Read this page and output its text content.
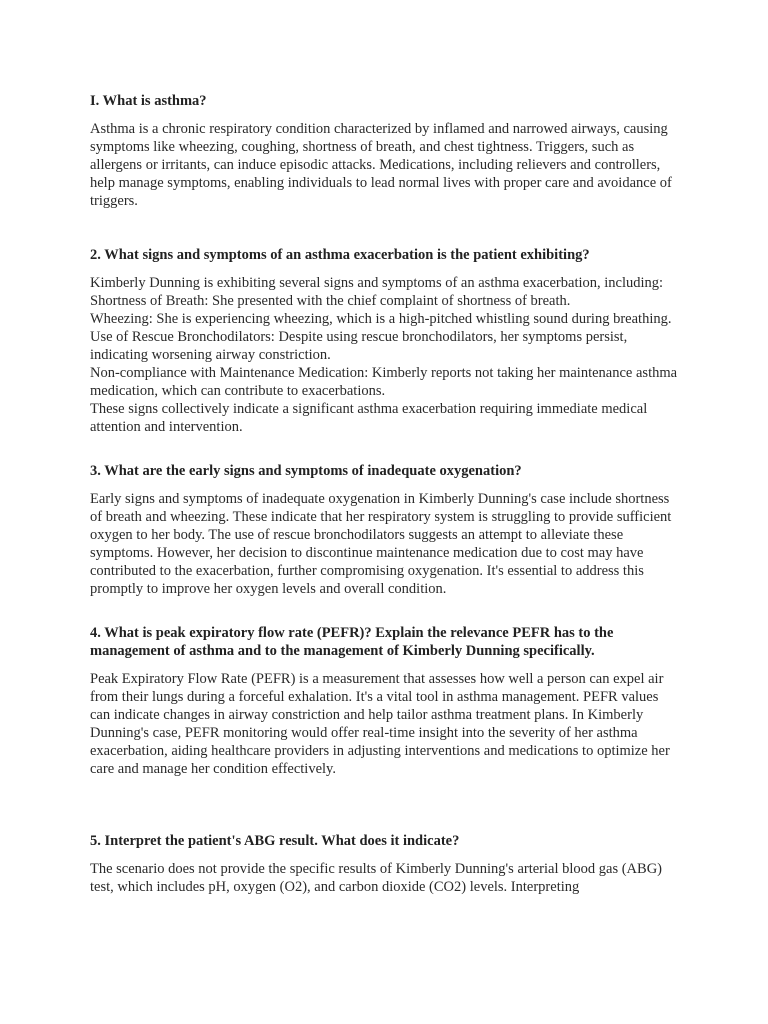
I. What is asthma?

Asthma is a chronic respiratory condition characterized by inflamed and narrowed airways, causing symptoms like wheezing, coughing, shortness of breath, and chest tightness. Triggers, such as allergens or irritants, can induce episodic attacks. Medications, including relievers and controllers, help manage symptoms, enabling individuals to lead normal lives with proper care and avoidance of triggers.

2. What signs and symptoms of an asthma exacerbation is the patient exhibiting?

Kimberly Dunning is exhibiting several signs and symptoms of an asthma exacerbation, including:
Shortness of Breath: She presented with the chief complaint of shortness of breath.
Wheezing: She is experiencing wheezing, which is a high-pitched whistling sound during breathing.
Use of Rescue Bronchodilators: Despite using rescue bronchodilators, her symptoms persist, indicating worsening airway constriction.
Non-compliance with Maintenance Medication: Kimberly reports not taking her maintenance asthma medication, which can contribute to exacerbations.
These signs collectively indicate a significant asthma exacerbation requiring immediate medical attention and intervention.

3. What are the early signs and symptoms of inadequate oxygenation?

Early signs and symptoms of inadequate oxygenation in Kimberly Dunning's case include shortness of breath and wheezing. These indicate that her respiratory system is struggling to provide sufficient oxygen to her body. The use of rescue bronchodilators suggests an attempt to alleviate these symptoms. However, her decision to discontinue maintenance medication due to cost may have contributed to the exacerbation, further compromising oxygenation. It's essential to address this promptly to improve her oxygen levels and overall condition.

4. What is peak expiratory flow rate (PEFR)? Explain the relevance PEFR has to the management of asthma and to the management of Kimberly Dunning specifically.

Peak Expiratory Flow Rate (PEFR) is a measurement that assesses how well a person can expel air from their lungs during a forceful exhalation. It's a vital tool in asthma management. PEFR values can indicate changes in airway constriction and help tailor asthma treatment plans. In Kimberly Dunning's case, PEFR monitoring would offer real-time insight into the severity of her asthma exacerbation, aiding healthcare providers in adjusting interventions and medications to optimize her care and manage her condition effectively.

5. Interpret the patient's ABG result. What does it indicate?

The scenario does not provide the specific results of Kimberly Dunning's arterial blood gas (ABG) test, which includes pH, oxygen (O2), and carbon dioxide (CO2) levels. Interpreting
